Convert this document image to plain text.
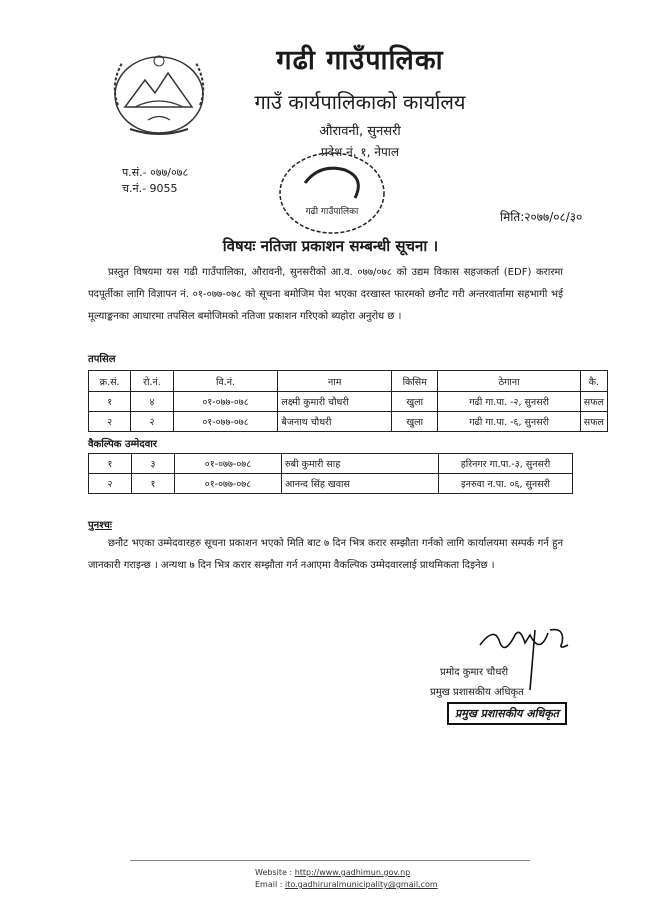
गढी गाउँपालिका
गाउँ कार्यपालिकाको कार्यालय
औरावनी, सुनसरी
प्रदेश नं. १, नेपाल
प.सं.- ०७७/०७८
च.नं.- 9055
गढी गाउँपालिका	मिति:२०७७/०८/३०
विषयः नतिजा प्रकाशन सम्बन्धी सूचना ।
प्रस्तुत विषयमा यस गढी गाउँपालिका, औरावनी, सुनसरीको आ.व. ०७७/०७८ को उद्यम विकास सहजकर्ता (EDF) करारमा पदपूर्तीका लागि विज्ञापन नं. ०१-०७७-०७८ को सूचना बमोजिम पेश भएका दरखास्त फारमको छनौट गरी अन्तरवार्तामा सहभागी भई मूल्याङ्कनका आधारमा तपसिल बमोजिमको नतिजा प्रकाशन गरिएको ब्यहोरा अनुरोध छ ।
तपसिल
क्र.सं.	रो.नं.	वि.नं.	नाम	किसिम	ठेगाना	कै.
१	४	०१-०७७-०७८	लक्ष्मी कुमारी चौधरी	खुला	गढी गा.पा. -२, सुनसरी	सफल
२	२	०१-०७७-०७८	बैजनाथ चौधरी	खुला	गढी गा.पा. -६, सुनसरी	सफल
वैकल्पिक उम्मेदवार
१	३	०१-०७७-०७८	रुबी कुमारी साह	हरिनगर गा.पा.-३, सुनसरी
२	१	०१-०७७-०७८	आनन्द सिंह खवास	इनरुवा न.पा. ०६, सुनसरी
पुनश्चः
छनौट भएका उम्मेदवारहरु सूचना प्रकाशन भएको मिति बाट ७ दिन भित्र करार सम्झौता गर्नको लागि कार्यालयमा सम्पर्क गर्न हुन जानकारी गराइन्छ । अन्यथा ७ दिन भित्र करार सम्झौता गर्न नआएमा वैकल्पिक उम्मेदवारलाई प्राथमिकता दिइनेछ ।
प्रमोद कुमार चौधरी
प्रमुख प्रशासकीय अधिकृत
प्रमुख प्रशासकीय अधिकृत
Website : http://www.gadhimun.gov.np
Email : ito.gadhiruralmunicipality@gmail.com
